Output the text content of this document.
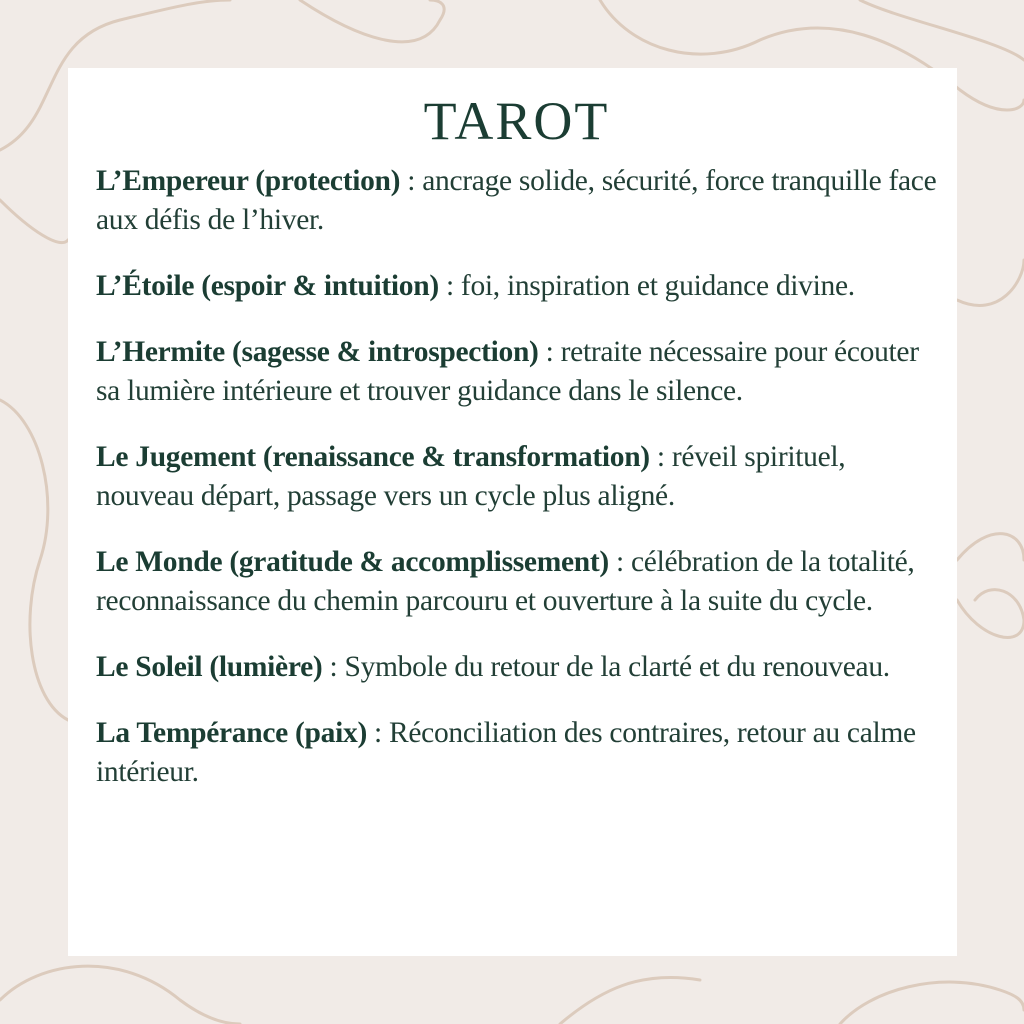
TAROT

L’Empereur (protection) : ancrage solide, sécurité, force tranquille face aux défis de l’hiver.

L’Étoile (espoir & intuition) : foi, inspiration et guidance divine.

L’Hermite (sagesse & introspection) : retraite nécessaire pour écouter sa lumière intérieure et trouver guidance dans le silence.

Le Jugement (renaissance & transformation) : réveil spirituel, nouveau départ, passage vers un cycle plus aligné.

Le Monde (gratitude & accomplissement) : célébration de la totalité, reconnaissance du chemin parcouru et ouverture à la suite du cycle.

Le Soleil (lumière) : Symbole du retour de la clarté et du renouveau.

La Tempérance (paix) : Réconciliation des contraires, retour au calme intérieur.
